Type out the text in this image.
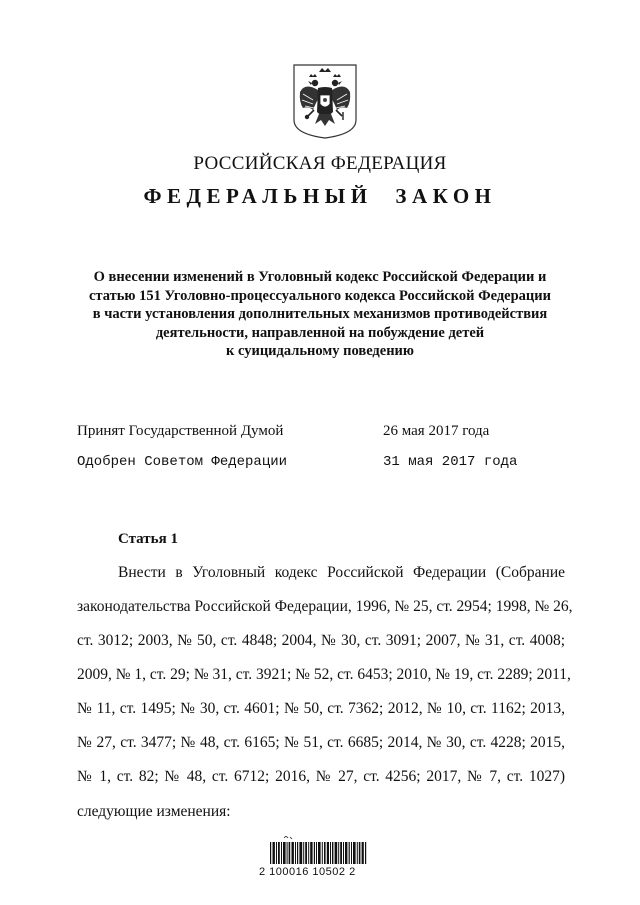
РОССИЙСКАЯ ФЕДЕРАЦИЯ
ФЕДЕРАЛЬНЫЙ ЗАКОН
О внесении изменений в Уголовный кодекс Российской Федерации и
статью 151 Уголовно-процессуального кодекса Российской Федерации
в части установления дополнительных механизмов противодействия
деятельности, направленной на побуждение детей
к суицидальному поведению
Принят Государственной Думой	26 мая 2017 года
Одобрен Советом Федерации	31 мая 2017 года
Статья 1
Внести в Уголовный кодекс Российской Федерации (Собрание
законодательства Российской Федерации, 1996, № 25, ст. 2954; 1998, № 26,
ст. 3012; 2003, № 50, ст. 4848; 2004, № 30, ст. 3091; 2007, № 31, ст. 4008;
2009, № 1, ст. 29; № 31, ст. 3921; № 52, ст. 6453; 2010, № 19, ст. 2289; 2011,
№ 11, ст. 1495; № 30, ст. 4601; № 50, ст. 7362; 2012, № 10, ст. 1162; 2013,
№ 27, ст. 3477; № 48, ст. 6165; № 51, ст. 6685; 2014, № 30, ст. 4228; 2015,
№ 1, ст. 82; № 48, ст. 6712; 2016, № 27, ст. 4256; 2017, № 7, ст. 1027)
следующие изменения:
2 100016 10502 2
